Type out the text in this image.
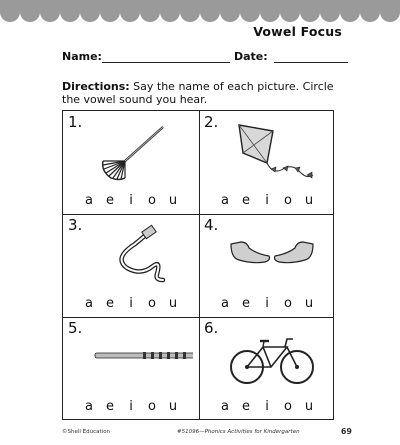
Vowel Focus
Name:	Date:
Directions: Say the name of each picture. Circle the vowel sound you hear.
1.
a e i o u
2.
a e i o u
3.
a e i o u
4.
a e i o u
5.
a e i o u
6.
a e i o u
©Shell Education	#51096—Phonics Activities for Kindergarten	69
